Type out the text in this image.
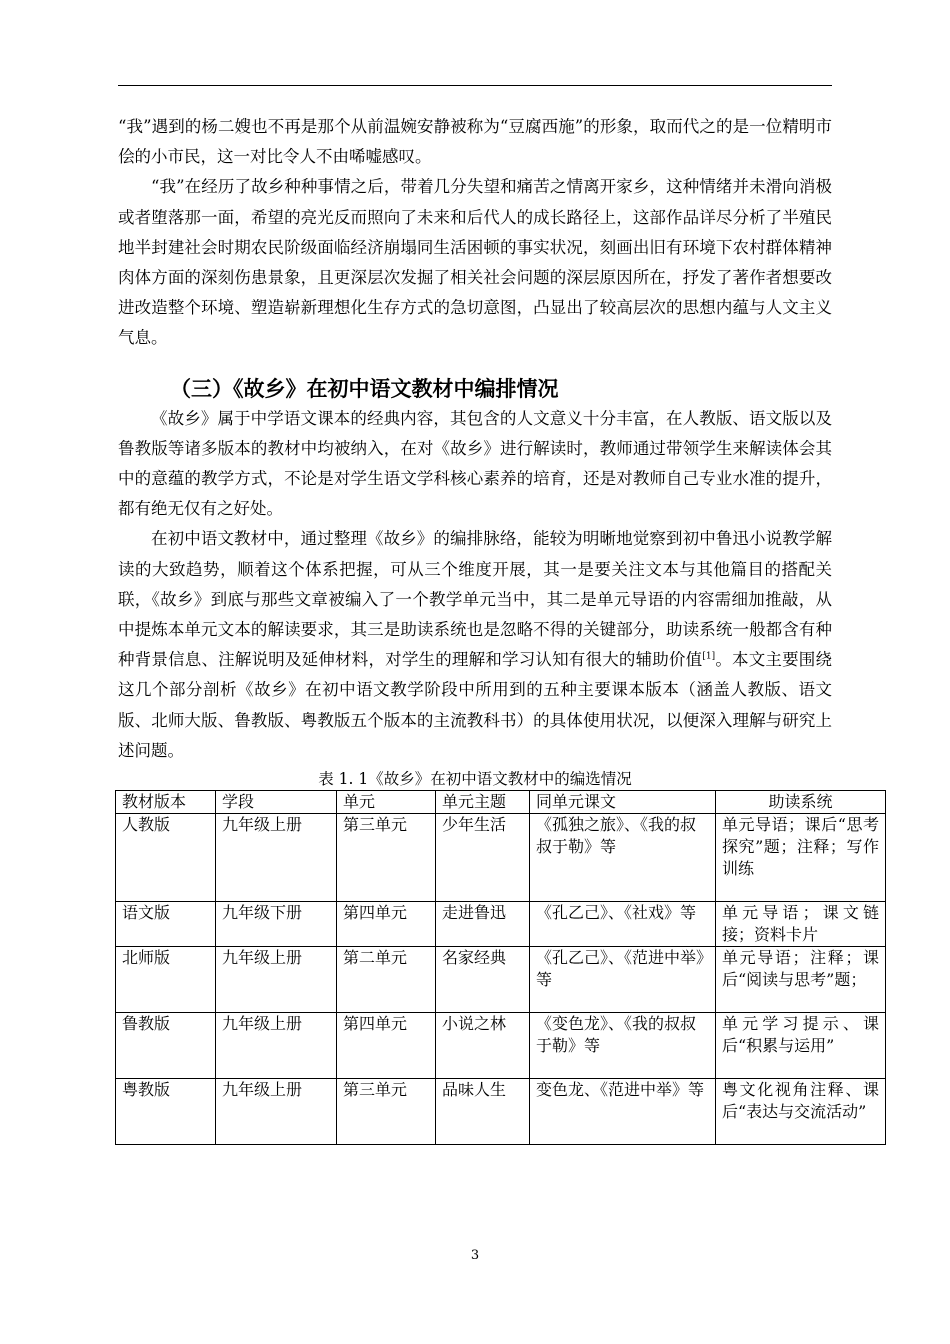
“我”遇到的杨二嫂也不再是那个从前温婉安静被称为“豆腐西施”的形象，取而代之的是一位精明市侩的小市民，这一对比令人不由唏嘘感叹。

“我”在经历了故乡种种事情之后，带着几分失望和痛苦之情离开家乡，这种情绪并未滑向消极或者堕落那一面，希望的亮光反而照向了未来和后代人的成长路径上，这部作品详尽分析了半殖民地半封建社会时期农民阶级面临经济崩塌同生活困顿的事实状况，刻画出旧有环境下农村群体精神肉体方面的深刻伤患景象，且更深层次发掘了相关社会问题的深层原因所在，抒发了著作者想要改进改造整个环境、塑造崭新理想化生存方式的急切意图，凸显出了较高层次的思想内蕴与人文主义气息。

（三）《故乡》在初中语文教材中编排情况

《故乡》属于中学语文课本的经典内容，其包含的人文意义十分丰富，在人教版、语文版以及鲁教版等诸多版本的教材中均被纳入，在对《故乡》进行解读时，教师通过带领学生来解读体会其中的意蕴的教学方式，不论是对学生语文学科核心素养的培育，还是对教师自己专业水准的提升，都有绝无仅有之好处。

在初中语文教材中，通过整理《故乡》的编排脉络，能较为明晰地觉察到初中鲁迅小说教学解读的大致趋势，顺着这个体系把握，可从三个维度开展，其一是要关注文本与其他篇目的搭配关联，《故乡》到底与那些文章被编入了一个教学单元当中，其二是单元导语的内容需细加推敲，从中提炼本单元文本的解读要求，其三是助读系统也是忽略不得的关键部分，助读系统一般都含有种种背景信息、注解说明及延伸材料，对学生的理解和学习认知有很大的辅助价值[1]。本文主要围绕这几个部分剖析《故乡》在初中语文教学阶段中所用到的五种主要课本版本（涵盖人教版、语文版、北师大版、鲁教版、粤教版五个版本的主流教科书）的具体使用状况，以便深入理解与研究上述问题。

表 1. 1《故乡》在初中语文教材中的编选情况

教材版本	学段	单元	单元主题	同单元课文	助读系统
人教版	九年级上册	第三单元	少年生活	《孤独之旅》、《我的叔叔于勒》等	单元导语；课后“思考探究”题；注释；写作训练
语文版	九年级下册	第四单元	走进鲁迅	《孔乙己》、《社戏》等	单元导语；课文链接；资料卡片
北师版	九年级上册	第二单元	名家经典	《孔乙己》、《范进中举》等	单元导语；注释；课后“阅读与思考”题；
鲁教版	九年级上册	第四单元	小说之林	《变色龙》、《我的叔叔于勒》等	单元学习提示、课后“积累与运用”
粤教版	九年级上册	第三单元	品味人生	变色龙、《范进中举》等	粤文化视角注释、课后“表达与交流活动”
3
